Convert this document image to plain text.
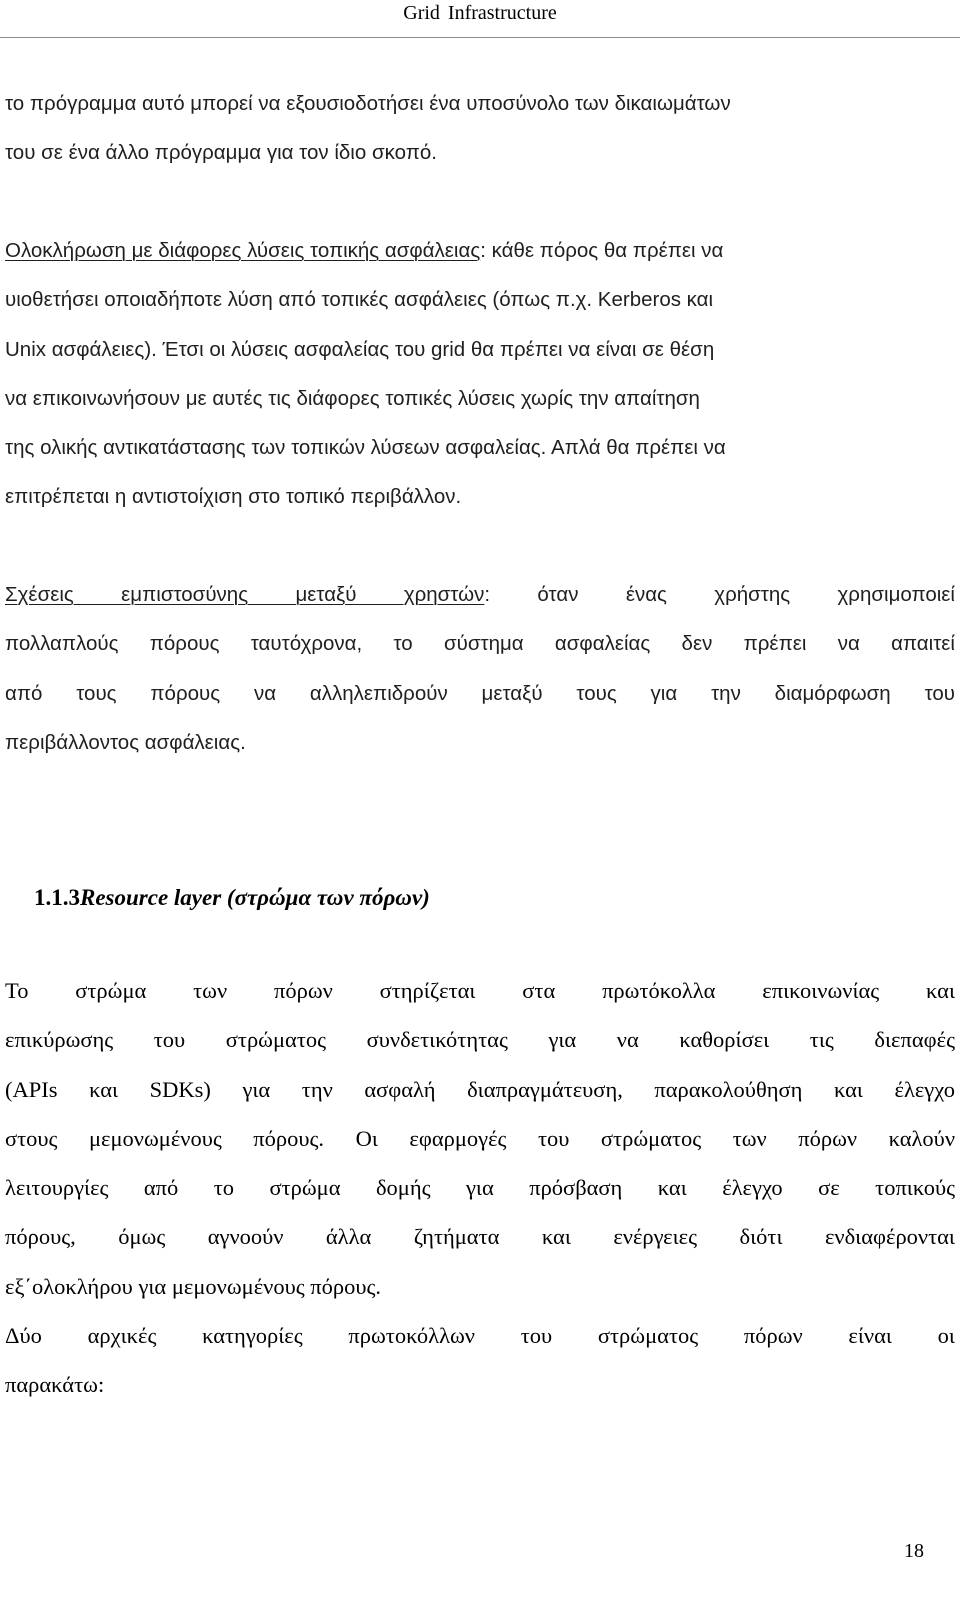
Grid Infrastructure
το πρόγραμμα αυτό μπορεί να εξουσιοδοτήσει ένα υποσύνολο των δικαιωμάτων
του σε ένα άλλο πρόγραμμα για τον ίδιο σκοπό.
Ολοκλήρωση με διάφορες λύσεις τοπικής ασφάλειας: κάθε πόρος θα πρέπει να
υιοθετήσει οποιαδήποτε λύση από τοπικές ασφάλειες (όπως π.χ. Kerberos και
Unix ασφάλειες). Έτσι οι λύσεις ασφαλείας του grid θα πρέπει να είναι σε θέση
να επικοινωνήσουν με αυτές τις διάφορες τοπικές λύσεις χωρίς την απαίτηση
της ολικής αντικατάστασης των τοπικών λύσεων ασφαλείας. Απλά θα πρέπει να
επιτρέπεται η αντιστοίχιση στο τοπικό περιβάλλον.
Σχέσεις εμπιστοσύνης μεταξύ χρηστών: όταν ένας χρήστης χρησιμοποιεί
πολλαπλούς πόρους ταυτόχρονα, το σύστημα ασφαλείας δεν πρέπει να απαιτεί
από τους πόρους να αλληλεπιδρούν μεταξύ τους για την διαμόρφωση του
περιβάλλοντος ασφάλειας.
1.1.3Resource layer (στρώμα των πόρων)
Το στρώμα των πόρων στηρίζεται στα πρωτόκολλα επικοινωνίας και
επικύρωσης του στρώματος συνδετικότητας για να καθορίσει τις διεπαφές
(APIs και SDKs) για την ασφαλή διαπραγμάτευση, παρακολούθηση και έλεγχο
στους μεμονωμένους πόρους. Οι εφαρμογές του στρώματος των πόρων καλούν
λειτουργίες από το στρώμα δομής για πρόσβαση και έλεγχο σε τοπικούς
πόρους, όμως αγνοούν άλλα ζητήματα και ενέργειες διότι ενδιαφέρονται
εξ΄ολοκλήρου για μεμονωμένους πόρους.
Δύο αρχικές κατηγορίες πρωτοκόλλων του στρώματος πόρων είναι οι
παρακάτω:
18
